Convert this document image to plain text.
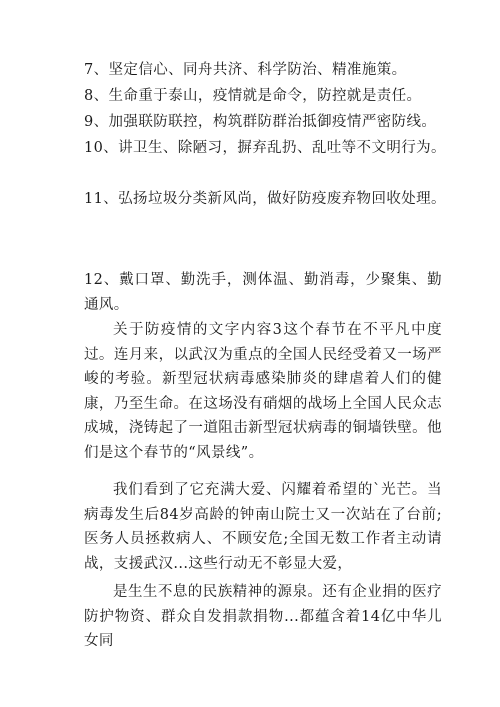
7、坚定信心、同舟共济、科学防治、精准施策。
8、生命重于泰山，疫情就是命令，防控就是责任。
9、加强联防联控，构筑群防群治抵御疫情严密防线。
10、讲卫生、除陋习，摒弃乱扔、乱吐等不文明行为。
11、弘扬垃圾分类新风尚，做好防疫废弃物回收处理。
12、戴口罩、勤洗手，测体温、勤消毒，少聚集、勤通风。
关于防疫情的文字内容3这个春节在不平凡中度过。连月来，以武汉为重点的全国人民经受着又一场严峻的考验。新型冠状病毒感染肺炎的肆虐着人们的健康，乃至生命。在这场没有硝烟的战场上全国人民众志成城，浇铸起了一道阻击新型冠状病毒的铜墙铁壁。他们是这个春节的“风景线”。
我们看到了它充满大爱、闪耀着希望的`光芒。当病毒发生后84岁高龄的钟南山院士又一次站在了台前;医务人员拯救病人、不顾安危;全国无数工作者主动请战，支援武汉...这些行动无不彰显大爱，
是生生不息的民族精神的源泉。还有企业捐的医疗防护物资、群众自发捐款捐物...都蕴含着14亿中华儿女同
